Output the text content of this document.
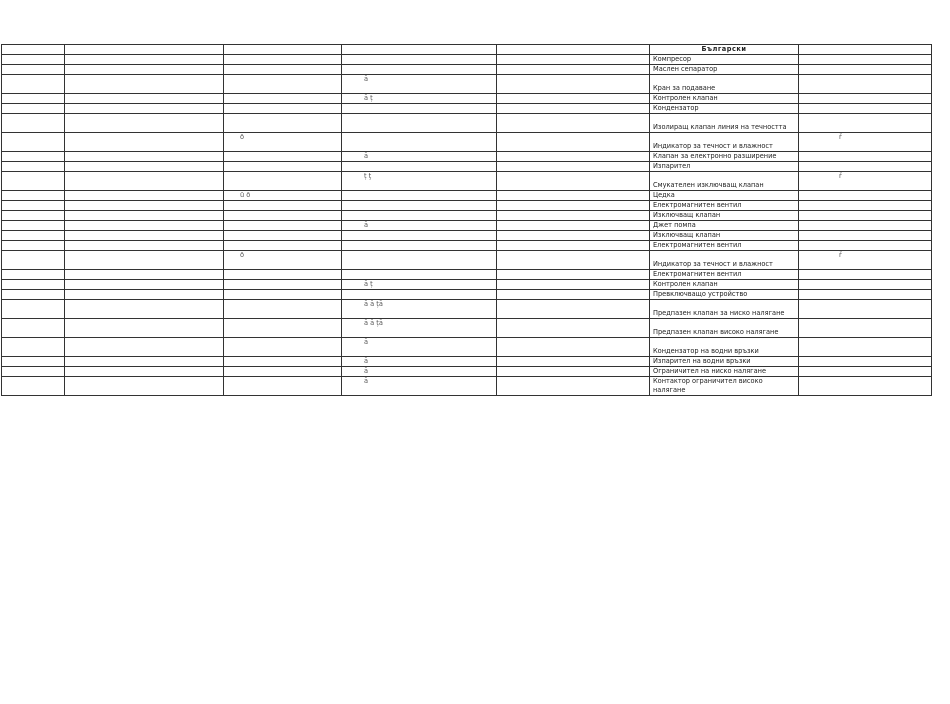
					Български	
					Компресор	
					Маслен сепаратор	
			ā		Кран за подаване	
			ā ț		Контролен клапан	
					Кондензатор	
					Изолиращ клапан линия на течността	
		ō			Индикатор за течност и влажност	ř
			ā		Клапан за електронно разширение	
					Изпарител	
			ț ţ		Смукателен изключващ клапан	ř
		ū ō			Цедка	
					Електромагнитен вентил	
					Изключващ клапан	
			ā		Джет помпа	
					Изключващ клапан	
					Електромагнитен вентил	
		ō			Индикатор за течност и влажност	ř
					Електромагнитен вентил	
			ā ț		Контролен клапан	
					Превключващо устройство	
			ā ā țā		Предпазен клапан за ниско налягане	
			ā ā țā		Предпазен клапан високо налягане	
			ā		Кондензатор на водни връзки	
			ā		Изпарител на водни връзки	
			ā		Ограничител на ниско налягане	
			ā		Контактор ограничител високо налягане	
